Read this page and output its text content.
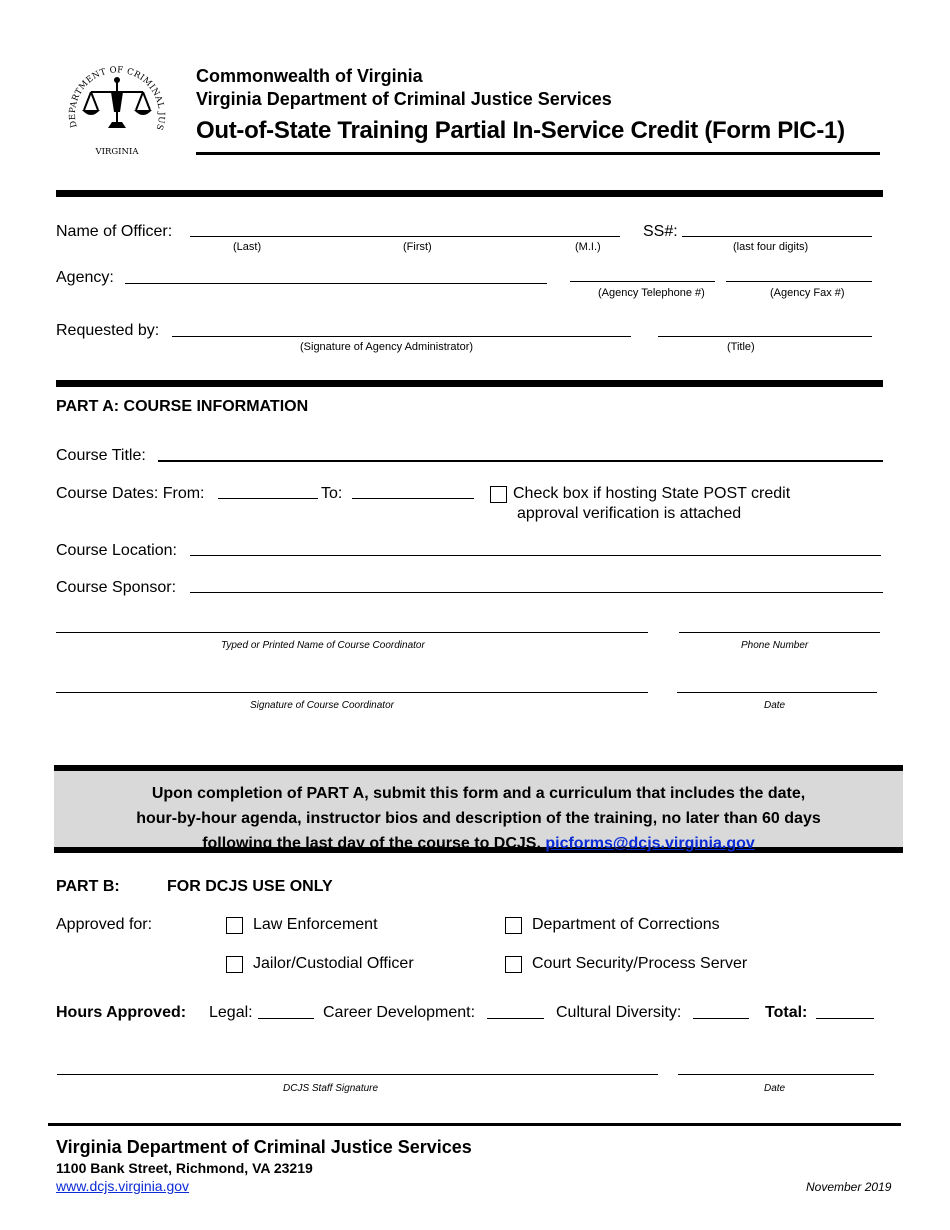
DEPARTMENT OF CRIMINAL JUS
VIRGINIA
Commonwealth of Virginia
Virginia Department of Criminal Justice Services
Out-of-State Training Partial In-Service Credit (Form PIC-1)
Name of Officer:
(Last)	(First)	(M.I.)
SS#:
(last four digits)
Agency:
(Agency Telephone #)	(Agency Fax #)
Requested by:
(Signature of Agency Administrator)	(Title)
PART A: COURSE INFORMATION
Course Title:
Course Dates: From:	To:	Check box if hosting State POST credit
approval verification is attached
Course Location:
Course Sponsor:
Typed or Printed Name of Course Coordinator	Phone Number
Signature of Course Coordinator	Date
Upon completion of PART A, submit this form and a curriculum that includes the date,
hour-by-hour agenda, instructor bios and description of the training, no later than 60 days
following the last day of the course to DCJS, picforms@dcjs.virginia.gov
PART B:	FOR DCJS USE ONLY
Approved for:	Law Enforcement	Department of Corrections
Jailor/Custodial Officer	Court Security/Process Server
Hours Approved: Legal:	Career Development:	Cultural Diversity:	Total:
DCJS Staff Signature	Date
Virginia Department of Criminal Justice Services
1100 Bank Street, Richmond, VA 23219
www.dcjs.virginia.gov	November 2019
